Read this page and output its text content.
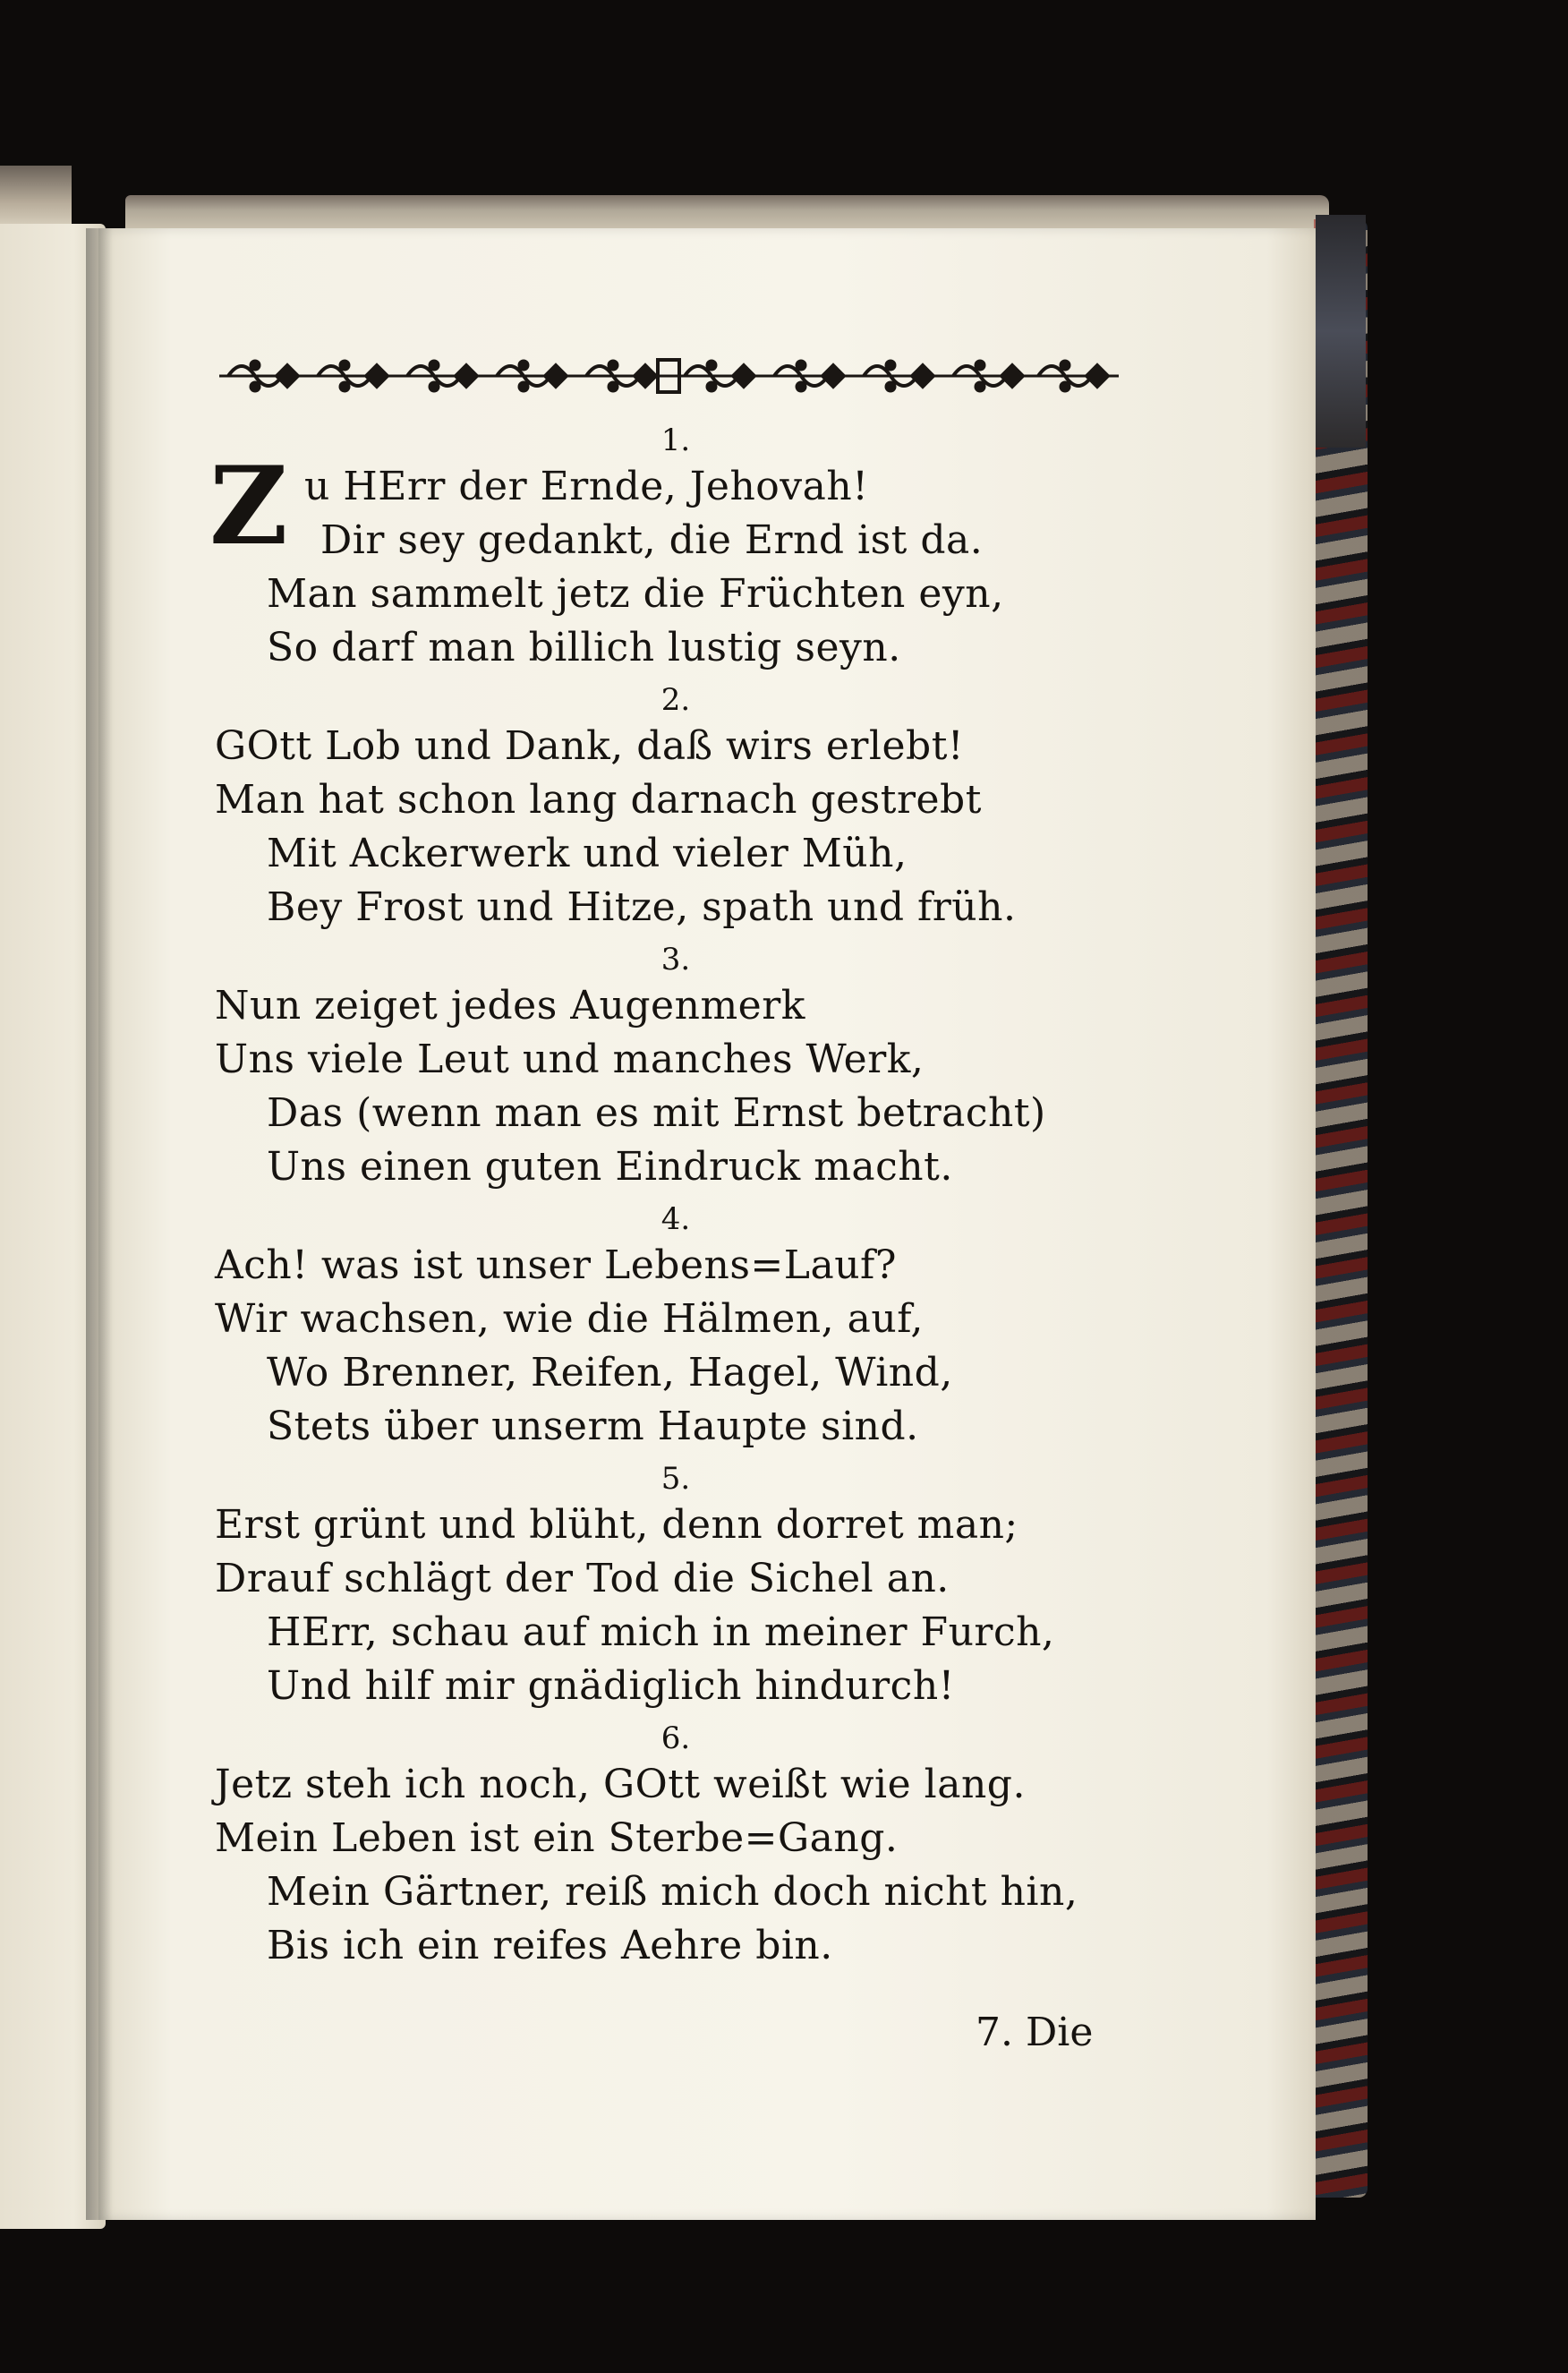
1.
Z u HErr der Ernde, Jehovah!
Dir sey gedankt, die Ernd ist da.
Man sammelt jetz die Früchten eyn,
So darf man billich lustig seyn.
2.
GOtt Lob und Dank, daß wirs erlebt!
Man hat schon lang darnach gestrebt
Mit Ackerwerk und vieler Müh,
Bey Frost und Hitze, spath und früh.
3.
Nun zeiget jedes Augenmerk
Uns viele Leut und manches Werk,
Das (wenn man es mit Ernst betracht)
Uns einen guten Eindruck macht.
4.
Ach! was ist unser Lebens=Lauf?
Wir wachsen, wie die Hälmen, auf,
Wo Brenner, Reifen, Hagel, Wind,
Stets über unserm Haupte sind.
5.
Erst grünt und blüht, denn dorret man;
Drauf schlägt der Tod die Sichel an.
HErr, schau auf mich in meiner Furch,
Und hilf mir gnädiglich hindurch!
6.
Jetz steh ich noch, GOtt weißt wie lang.
Mein Leben ist ein Sterbe=Gang.
Mein Gärtner, reiß mich doch nicht hin,
Bis ich ein reifes Aehre bin.
7. Die
